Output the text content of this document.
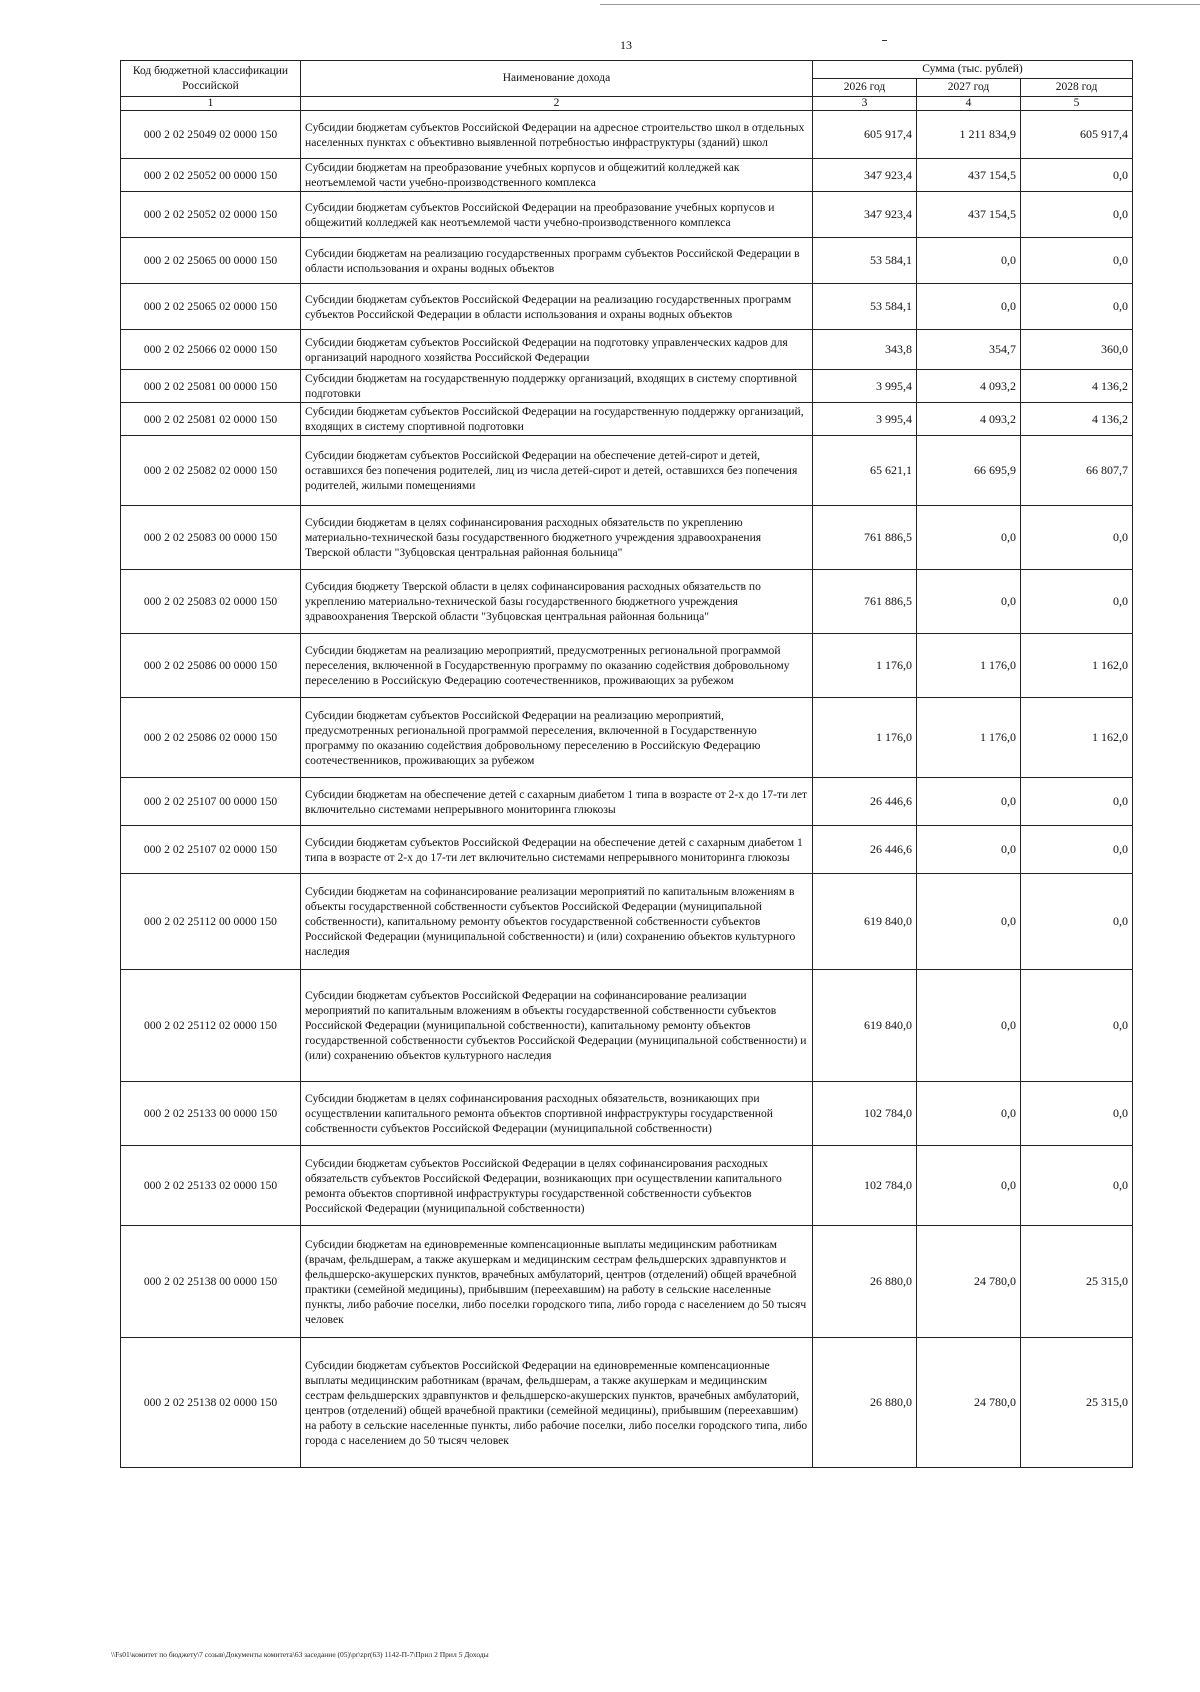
13
Код бюджетной классификации Российской	Наименование дохода	Сумма (тыс. рублей)		
		2026 год	2027 год	2028 год
1	2	3	4	5
000 2 02 25049 02 0000 150	Субсидии бюджетам субъектов Российской Федерации на адресное строительство школ в отдельных населенных пунктах с объективно выявленной потребностью инфраструктуры (зданий) школ	605 917,4	1 211 834,9	605 917,4
000 2 02 25052 00 0000 150	Субсидии бюджетам на преобразование учебных корпусов и общежитий колледжей как неотъемлемой части учебно-производственного комплекса	347 923,4	437 154,5	0,0
000 2 02 25052 02 0000 150	Субсидии бюджетам субъектов Российской Федерации на преобразование учебных корпусов и общежитий колледжей как неотъемлемой части учебно-производственного комплекса	347 923,4	437 154,5	0,0
000 2 02 25065 00 0000 150	Субсидии бюджетам на реализацию государственных программ субъектов Российской Федерации в области использования и охраны водных объектов	53 584,1	0,0	0,0
000 2 02 25065 02 0000 150	Субсидии бюджетам субъектов Российской Федерации на реализацию государственных программ субъектов Российской Федерации в области использования и охраны водных объектов	53 584,1	0,0	0,0
000 2 02 25066 02 0000 150	Субсидии бюджетам субъектов Российской Федерации на подготовку управленческих кадров для организаций народного хозяйства Российской Федерации	343,8	354,7	360,0
000 2 02 25081 00 0000 150	Субсидии бюджетам на государственную поддержку организаций, входящих в систему спортивной подготовки	3 995,4	4 093,2	4 136,2
000 2 02 25081 02 0000 150	Субсидии бюджетам субъектов Российской Федерации на государственную поддержку организаций, входящих в систему спортивной подготовки	3 995,4	4 093,2	4 136,2
000 2 02 25082 02 0000 150	Субсидии бюджетам субъектов Российской Федерации на обеспечение детей-сирот и детей, оставшихся без попечения родителей, лиц из числа детей-сирот и детей, оставшихся без попечения родителей, жилыми помещениями	65 621,1	66 695,9	66 807,7
000 2 02 25083 00 0000 150	Субсидии бюджетам в целях софинансирования расходных обязательств по укреплению материально-технической базы государственного бюджетного учреждения здравоохранения Тверской области "Зубцовская центральная районная больница"	761 886,5	0,0	0,0
000 2 02 25083 02 0000 150	Субсидия бюджету Тверской области в целях софинансирования расходных обязательств по укреплению материально-технической базы государственного бюджетного учреждения здравоохранения Тверской области "Зубцовская центральная районная больница"	761 886,5	0,0	0,0
000 2 02 25086 00 0000 150	Субсидии бюджетам на реализацию мероприятий, предусмотренных региональной программой переселения, включенной в Государственную программу по оказанию содействия добровольному переселению в Российскую Федерацию соотечественников, проживающих за рубежом	1 176,0	1 176,0	1 162,0
000 2 02 25086 02 0000 150	Субсидии бюджетам субъектов Российской Федерации на реализацию мероприятий, предусмотренных региональной программой переселения, включенной в Государственную программу по оказанию содействия добровольному переселению в Российскую Федерацию соотечественников, проживающих за рубежом	1 176,0	1 176,0	1 162,0
000 2 02 25107 00 0000 150	Субсидии бюджетам на обеспечение детей с сахарным диабетом 1 типа в возрасте от 2-х до 17-ти лет включительно системами непрерывного мониторинга глюкозы	26 446,6	0,0	0,0
000 2 02 25107 02 0000 150	Субсидии бюджетам субъектов Российской Федерации на обеспечение детей с сахарным диабетом 1 типа в возрасте от 2-х до 17-ти лет включительно системами непрерывного мониторинга глюкозы	26 446,6	0,0	0,0
000 2 02 25112 00 0000 150	Субсидии бюджетам на софинансирование реализации мероприятий по капитальным вложениям в объекты государственной собственности субъектов Российской Федерации (муниципальной собственности), капитальному ремонту объектов государственной собственности субъектов Российской Федерации (муниципальной собственности) и (или) сохранению объектов культурного наследия	619 840,0	0,0	0,0
000 2 02 25112 02 0000 150	Субсидии бюджетам субъектов Российской Федерации на софинансирование реализации мероприятий по капитальным вложениям в объекты государственной собственности субъектов Российской Федерации (муниципальной собственности), капитальному ремонту объектов государственной собственности субъектов Российской Федерации (муниципальной собственности) и (или) сохранению объектов культурного наследия	619 840,0	0,0	0,0
000 2 02 25133 00 0000 150	Субсидии бюджетам в целях софинансирования расходных обязательств, возникающих при осуществлении капитального ремонта объектов спортивной инфраструктуры государственной собственности субъектов Российской Федерации (муниципальной собственности)	102 784,0	0,0	0,0
000 2 02 25133 02 0000 150	Субсидии бюджетам субъектов Российской Федерации в целях софинансирования расходных обязательств субъектов Российской Федерации, возникающих при осуществлении капитального ремонта объектов спортивной инфраструктуры государственной собственности субъектов Российской Федерации (муниципальной собственности)	102 784,0	0,0	0,0
000 2 02 25138 00 0000 150	Субсидии бюджетам на единовременные компенсационные выплаты медицинским работникам (врачам, фельдшерам, а также акушеркам и медицинским сестрам фельдшерских здравпунктов и фельдшерско-акушерских пунктов, врачебных амбулаторий, центров (отделений) общей врачебной практики (семейной медицины), прибывшим (переехавшим) на работу в сельские населенные пункты, либо рабочие поселки, либо поселки городского типа, либо города с населением до 50 тысяч человек	26 880,0	24 780,0	25 315,0
000 2 02 25138 02 0000 150	Субсидии бюджетам субъектов Российской Федерации на единовременные компенсационные выплаты медицинским работникам (врачам, фельдшерам, а также акушеркам и медицинским сестрам фельдшерских здравпунктов и фельдшерско-акушерских пунктов, врачебных амбулаторий, центров (отделений) общей врачебной практики (семейной медицины), прибывшим (переехавшим) на работу в сельские населенные пункты, либо рабочие поселки, либо поселки городского типа, либо города с населением до 50 тысяч человек	26 880,0	24 780,0	25 315,0
\\Fs01\комитет по бюджету\7 созыв\Документы комитета\63 заседание (05)\pr\zpr(63) 1142-П-7\Прил 2 Прил 5 Доходы
